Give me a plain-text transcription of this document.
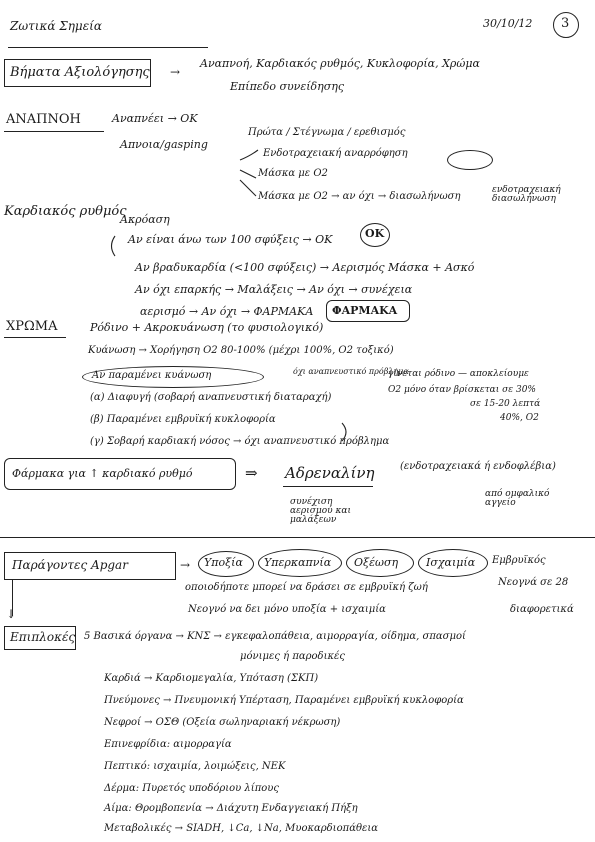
Ζωτικά Σημεία	30/10/12 3
Βήματα Αξιολόγησης →
Αναπνοή, Καρδιακός ρυθμός, Κυκλοφορία, Χρώμα
Επίπεδο συνείδησης
ΑΝΑΠΝΟΗ	Αναπνέει → ΟΚ
Απνοια/gasping
Πρώτα / Στέγνωμα / ερεθισμός
Ενδοτραχειακή αναρρόφηση
Μάσκα με Ο2
Μάσκα με Ο2 → αν όχι → διασωλήνωση
ενδοτραχειακή διασωλήνωση
Καρδιακός ρυθμός
Ακρόαση
Αν είναι άνω των 100 σφύξεις → ΟΚ	ΟΚ
Αν βραδυκαρδία (<100 σφύξεις) → Αερισμός Μάσκα + Ασκό
Αν όχι επαρκής → Μαλάξεις → Αν όχι → συνέχεια
αερισμό → Αν όχι → ΦΑΡΜΑΚΑ ΦΑΡΜΑΚΑ
ΧΡΩΜΑ	Ρόδινο + Ακροκυάνωση (το φυσιολογικό)
Κυάνωση → Χορήγηση Ο2 80-100% (μέχρι 100%, Ο2 τοξικό)
Αν παραμένει κυάνωση
(α) Διαφυγή (σοβαρή αναπνευστική διαταραχή)
(β) Παραμένει εμβρυϊκή κυκλοφορία
(γ) Σοβαρή καρδιακή νόσος → όχι αναπνευστικό πρόβλημα
όχι αναπνευστικό πρόβλημα
γίνεται ρόδινο — αποκλείουμε
Ο2 μόνο όταν βρίσκεται σε 30%
σε 15-20 λεπτά
40%, Ο2
Φάρμακα για ↑ καρδιακό ρυθμό	⇒ Αδρεναλίνη	(ενδοτραχειακά ή ενδοφλέβια)
από ομφαλικό αγγείο
συνέχιση αερισμού και μαλάξεων
Παράγοντες Apgar	→ Υποξία Υπερκαπνία Οξέωση	Ισχαιμία Εμβρυϊκός
Νεογνά σε 28
οποιοδήποτε μπορεί να δράσει σε εμβρυϊκή ζωή
Νεογνό να δει μόνο υποξία + ισχαιμία	διαφορετικά
↓
Επιπλοκές 5 Βασικά όργανα → ΚΝΣ → εγκεφαλοπάθεια, αιμορραγία, οίδημα, σπασμοί
μόνιμες ή παροδικές
Καρδιά → Καρδιομεγαλία, Υπόταση (ΣΚΠ)
Πνεύμονες → Πνευμονική Υπέρταση, Παραμένει εμβρυϊκή κυκλοφορία
Νεφροί → ΟΣΘ (Οξεία σωληναριακή νέκρωση)
Επινεφρίδια: αιμορραγία
Πεπτικό: ισχαιμία, λοιμώξεις, ΝΕΚ
Δέρμα: Πυρετός υποδόριου λίπους
Αίμα: Θρομβοπενία → Διάχυτη Ενδαγγειακή Πήξη
Μεταβολικές → SIADH, ↓Ca, ↓Na, Μυοκαρδιοπάθεια
